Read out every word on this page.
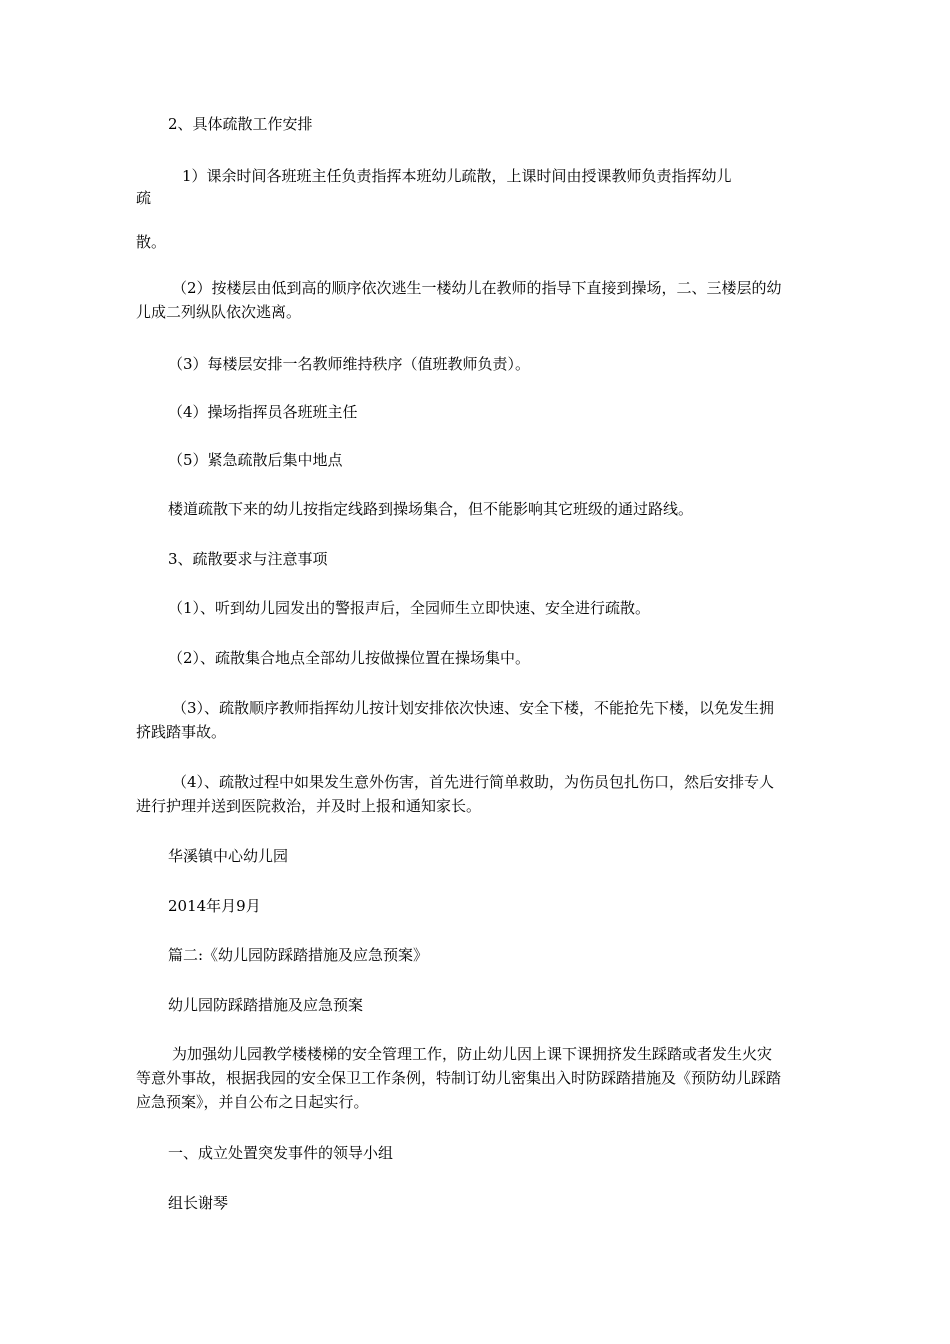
2、具体疏散工作安排

1）课余时间各班班主任负责指挥本班幼儿疏散，上课时间由授课教师负责指挥幼儿

疏

散。

（2）按楼层由低到高的顺序依次逃生一楼幼儿在教师的指导下直接到操场，二、三楼层的幼儿成二列纵队依次逃离。

（3）每楼层安排一名教师维持秩序（值班教师负责）。

（4）操场指挥员各班班主任

（5）紧急疏散后集中地点

楼道疏散下来的幼儿按指定线路到操场集合，但不能影响其它班级的通过路线。

3、疏散要求与注意事项

（1）、听到幼儿园发出的警报声后，全园师生立即快速、安全进行疏散。

（2）、疏散集合地点全部幼儿按做操位置在操场集中。

（3）、疏散顺序教师指挥幼儿按计划安排依次快速、安全下楼，不能抢先下楼，以免发生拥挤践踏事故。

（4）、疏散过程中如果发生意外伤害，首先进行简单救助，为伤员包扎伤口，然后安排专人进行护理并送到医院救治，并及时上报和通知家长。

华溪镇中心幼儿园

2014年月9月

篇二:《幼儿园防踩踏措施及应急预案》

幼儿园防踩踏措施及应急预案

为加强幼儿园教学楼楼梯的安全管理工作，防止幼儿因上课下课拥挤发生踩踏或者发生火灾等意外事故，根据我园的安全保卫工作条例，特制订幼儿密集出入时防踩踏措施及《预防幼儿踩踏应急预案》，并自公布之日起实行。

一、成立处置突发事件的领导小组

组长谢琴
